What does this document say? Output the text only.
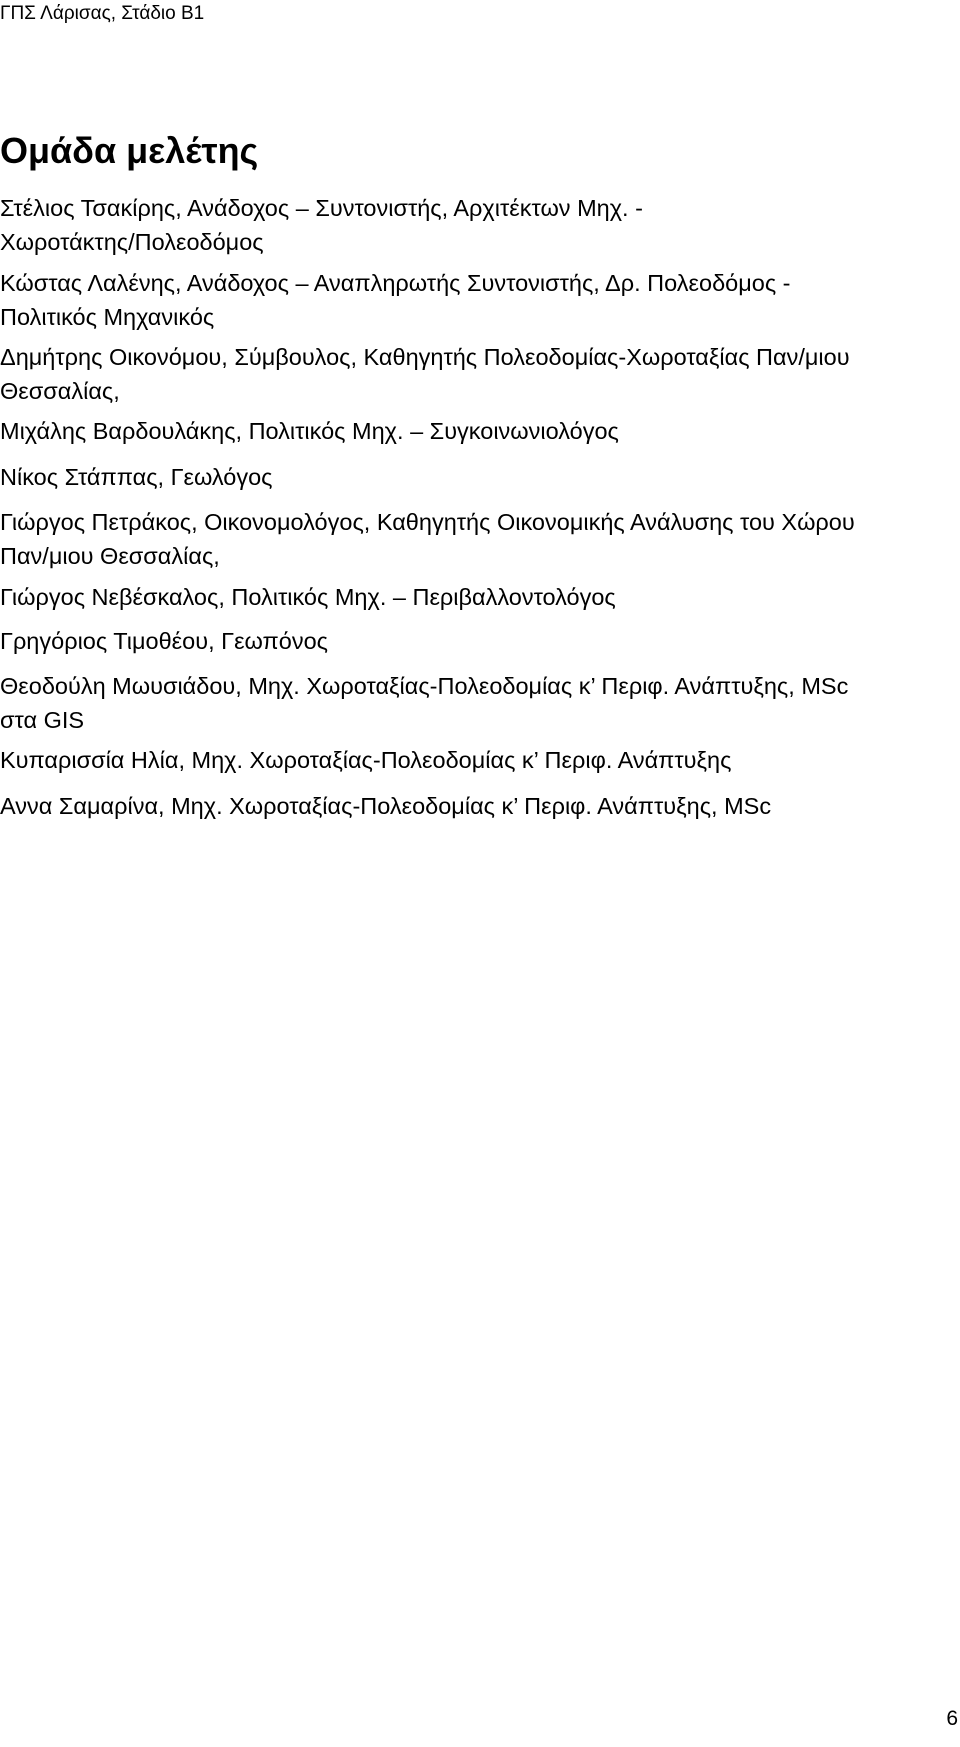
ΓΠΣ Λάρισας, Στάδιο Β1
Ομάδα μελέτης
Στέλιος Τσακίρης, Ανάδοχος – Συντονιστής, Αρχιτέκτων Μηχ. -
Χωροτάκτης/Πολεοδόμος
Κώστας Λαλένης, Ανάδοχος – Αναπληρωτής Συντονιστής, Δρ. Πολεοδόμος -
Πολιτικός Μηχανικός
Δημήτρης Οικονόμου, Σύμβουλος, Καθηγητής Πολεοδομίας-Χωροταξίας Παν/μιου
Θεσσαλίας,
Μιχάλης Βαρδουλάκης, Πολιτικός Μηχ. – Συγκοινωνιολόγος
Νίκος Στάππας, Γεωλόγος
Γιώργος Πετράκος, Οικονομολόγος, Καθηγητής Οικονομικής Ανάλυσης του Χώρου
Παν/μιου Θεσσαλίας,
Γιώργος Νεβέσκαλος, Πολιτικός Μηχ. – Περιβαλλοντολόγος
Γρηγόριος Τιμοθέου, Γεωπόνος
Θεοδούλη Μωυσιάδου, Μηχ. Χωροταξίας-Πολεοδομίας κ’ Περιφ. Ανάπτυξης, MSc
στα GIS
Κυπαρισσία Ηλία, Μηχ. Χωροταξίας-Πολεοδομίας κ’ Περιφ. Ανάπτυξης
Αννα Σαμαρίνα, Μηχ. Χωροταξίας-Πολεοδομίας κ’ Περιφ. Ανάπτυξης, MSc
6
